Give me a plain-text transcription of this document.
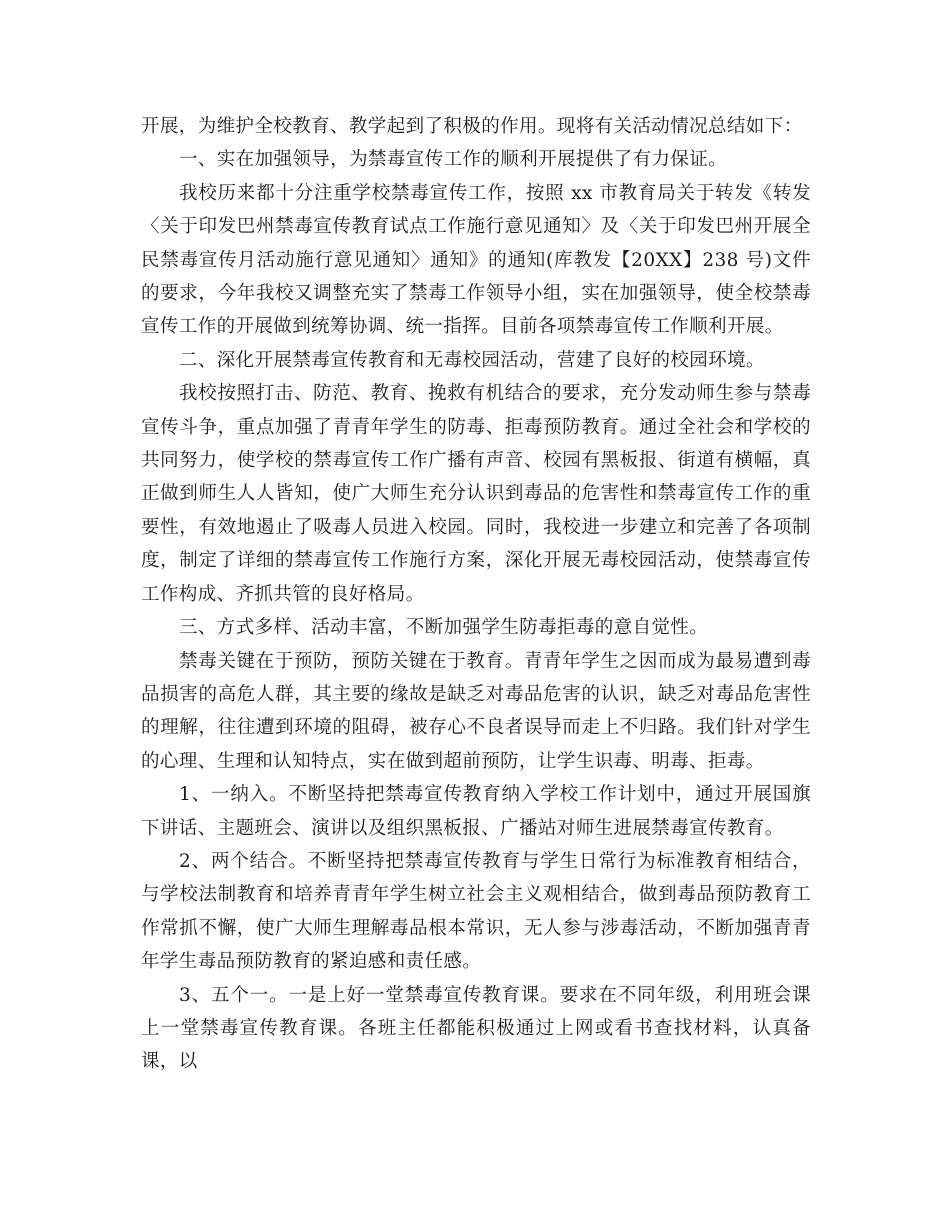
开展，为维护全校教育、教学起到了积极的作用。现将有关活动情况总结如下：

一、实在加强领导，为禁毒宣传工作的顺利开展提供了有力保证。

我校历来都十分注重学校禁毒宣传工作，按照 xx 市教育局关于转发《转发〈关于印发巴州禁毒宣传教育试点工作施行意见通知〉及〈关于印发巴州开展全民禁毒宣传月活动施行意见通知〉通知》的通知(库教发【20XX】238 号)文件的要求，今年我校又调整充实了禁毒工作领导小组，实在加强领导，使全校禁毒宣传工作的开展做到统筹协调、统一指挥。目前各项禁毒宣传工作顺利开展。

二、深化开展禁毒宣传教育和无毒校园活动，营建了良好的校园环境。

我校按照打击、防范、教育、挽救有机结合的要求，充分发动师生参与禁毒宣传斗争，重点加强了青青年学生的防毒、拒毒预防教育。通过全社会和学校的共同努力，使学校的禁毒宣传工作广播有声音、校园有黑板报、街道有横幅，真正做到师生人人皆知，使广大师生充分认识到毒品的危害性和禁毒宣传工作的重要性，有效地遏止了吸毒人员进入校园。同时，我校进一步建立和完善了各项制度，制定了详细的禁毒宣传工作施行方案，深化开展无毒校园活动，使禁毒宣传工作构成、齐抓共管的良好格局。

三、方式多样、活动丰富，不断加强学生防毒拒毒的意自觉性。

禁毒关键在于预防，预防关键在于教育。青青年学生之因而成为最易遭到毒品损害的高危人群，其主要的缘故是缺乏对毒品危害的认识，缺乏对毒品危害性的理解，往往遭到环境的阻碍，被存心不良者误导而走上不归路。我们针对学生的心理、生理和认知特点，实在做到超前预防，让学生识毒、明毒、拒毒。

1、一纳入。不断坚持把禁毒宣传教育纳入学校工作计划中，通过开展国旗下讲话、主题班会、演讲以及组织黑板报、广播站对师生进展禁毒宣传教育。

2、两个结合。不断坚持把禁毒宣传教育与学生日常行为标准教育相结合，与学校法制教育和培养青青年学生树立社会主义观相结合，做到毒品预防教育工作常抓不懈，使广大师生理解毒品根本常识，无人参与涉毒活动，不断加强青青年学生毒品预防教育的紧迫感和责任感。

3、五个一。一是上好一堂禁毒宣传教育课。要求在不同年级，利用班会课上一堂禁毒宣传教育课。各班主任都能积极通过上网或看书查找材料，认真备课，以
